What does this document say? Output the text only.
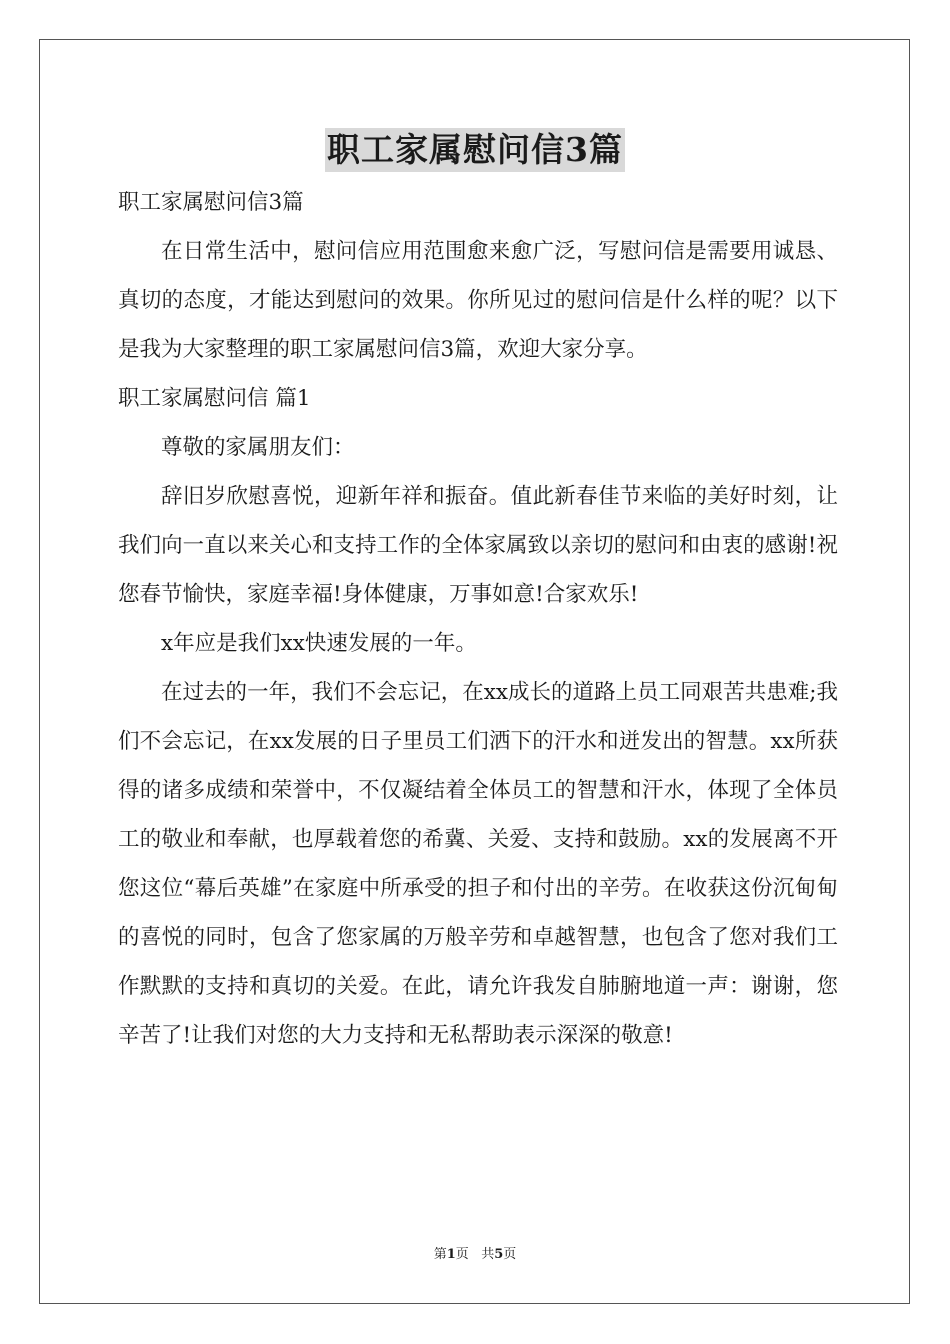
职工家属慰问信3篇

职工家属慰问信3篇

在日常生活中，慰问信应用范围愈来愈广泛，写慰问信是需要用诚恳、真切的态度，才能达到慰问的效果。你所见过的慰问信是什么样的呢？以下是我为大家整理的职工家属慰问信3篇，欢迎大家分享。

职工家属慰问信 篇1

尊敬的家属朋友们：

辞旧岁欣慰喜悦，迎新年祥和振奋。值此新春佳节来临的美好时刻，让我们向一直以来关心和支持工作的全体家属致以亲切的慰问和由衷的感谢!祝您春节愉快，家庭幸福!身体健康，万事如意!合家欢乐!

x年应是我们xx快速发展的一年。

在过去的一年，我们不会忘记，在xx成长的道路上员工同艰苦共患难;我们不会忘记，在xx发展的日子里员工们洒下的汗水和迸发出的智慧。xx所获得的诸多成绩和荣誉中，不仅凝结着全体员工的智慧和汗水，体现了全体员工的敬业和奉献，也厚载着您的希冀、关爱、支持和鼓励。xx的发展离不开您这位“幕后英雄”在家庭中所承受的担子和付出的辛劳。在收获这份沉甸甸的喜悦的同时，包含了您家属的万般辛劳和卓越智慧，也包含了您对我们工作默默的支持和真切的关爱。在此，请允许我发自肺腑地道一声：谢谢，您辛苦了!让我们对您的大力支持和无私帮助表示深深的敬意!

第1页 共5页
